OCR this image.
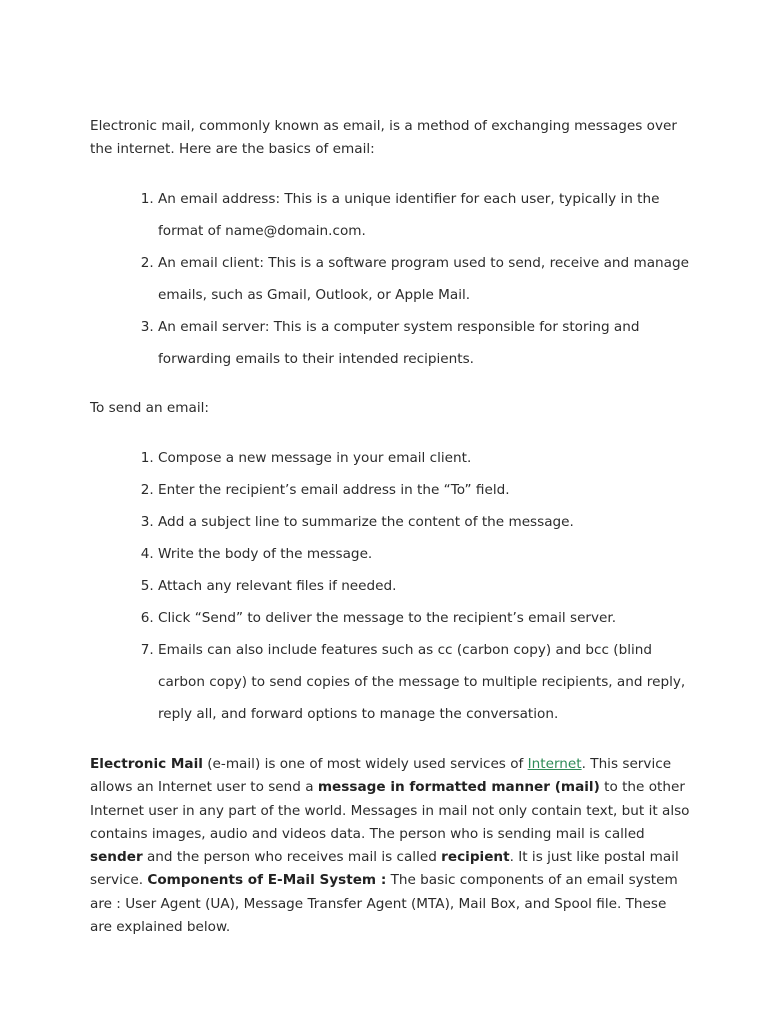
Electronic mail, commonly known as email, is a method of exchanging messages over the internet. Here are the basics of email:

1. An email address: This is a unique identifier for each user, typically in the format of name@domain.com.
2. An email client: This is a software program used to send, receive and manage emails, such as Gmail, Outlook, or Apple Mail.
3. An email server: This is a computer system responsible for storing and forwarding emails to their intended recipients.

To send an email:

1. Compose a new message in your email client.
2. Enter the recipient’s email address in the “To” field.
3. Add a subject line to summarize the content of the message.
4. Write the body of the message.
5. Attach any relevant files if needed.
6. Click “Send” to deliver the message to the recipient’s email server.
7. Emails can also include features such as cc (carbon copy) and bcc (blind carbon copy) to send copies of the message to multiple recipients, and reply, reply all, and forward options to manage the conversation.

Electronic Mail (e-mail) is one of most widely used services of Internet. This service allows an Internet user to send a message in formatted manner (mail) to the other Internet user in any part of the world. Messages in mail not only contain text, but it also contains images, audio and videos data. The person who is sending mail is called sender and the person who receives mail is called recipient. It is just like postal mail service. Components of E-Mail System : The basic components of an email system are : User Agent (UA), Message Transfer Agent (MTA), Mail Box, and Spool file. These are explained below.
